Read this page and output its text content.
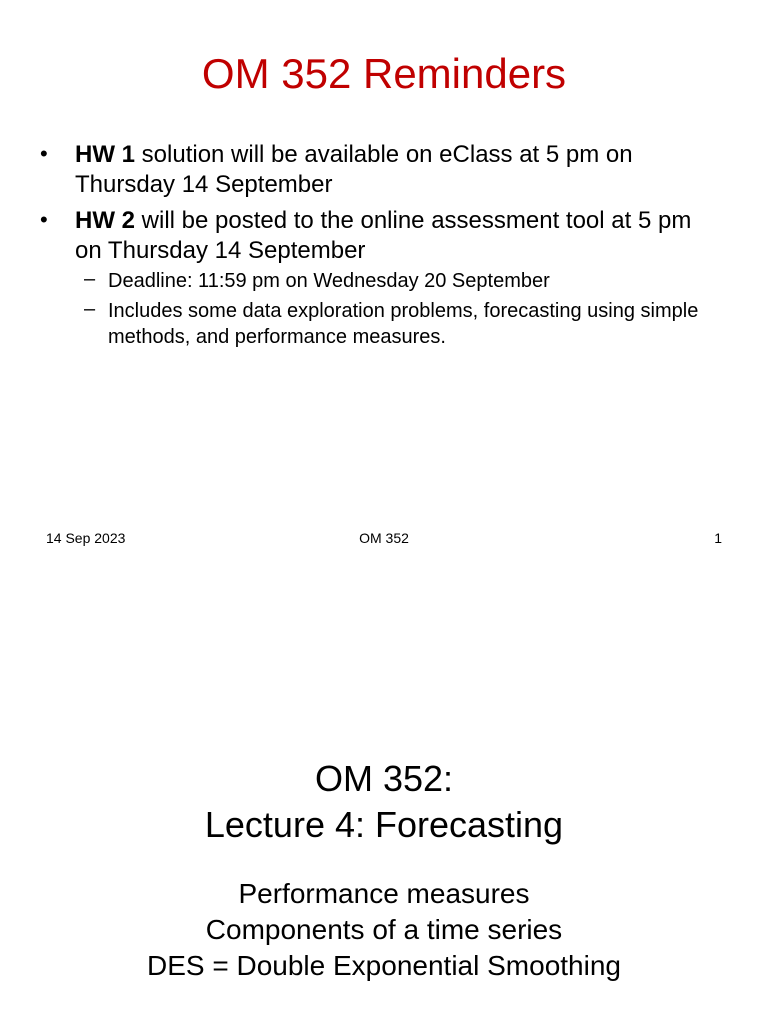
OM 352 Reminders
• HW 1 solution will be available on eClass at 5 pm on Thursday 14 September
• HW 2 will be posted to the online assessment tool at 5 pm on Thursday 14 September
– Deadline: 11:59 pm on Wednesday 20 September
– Includes some data exploration problems, forecasting using simple methods, and performance measures.
14 Sep 2023	OM 352	1
OM 352:
Lecture 4: Forecasting
Performance measures
Components of a time series
DES = Double Exponential Smoothing
